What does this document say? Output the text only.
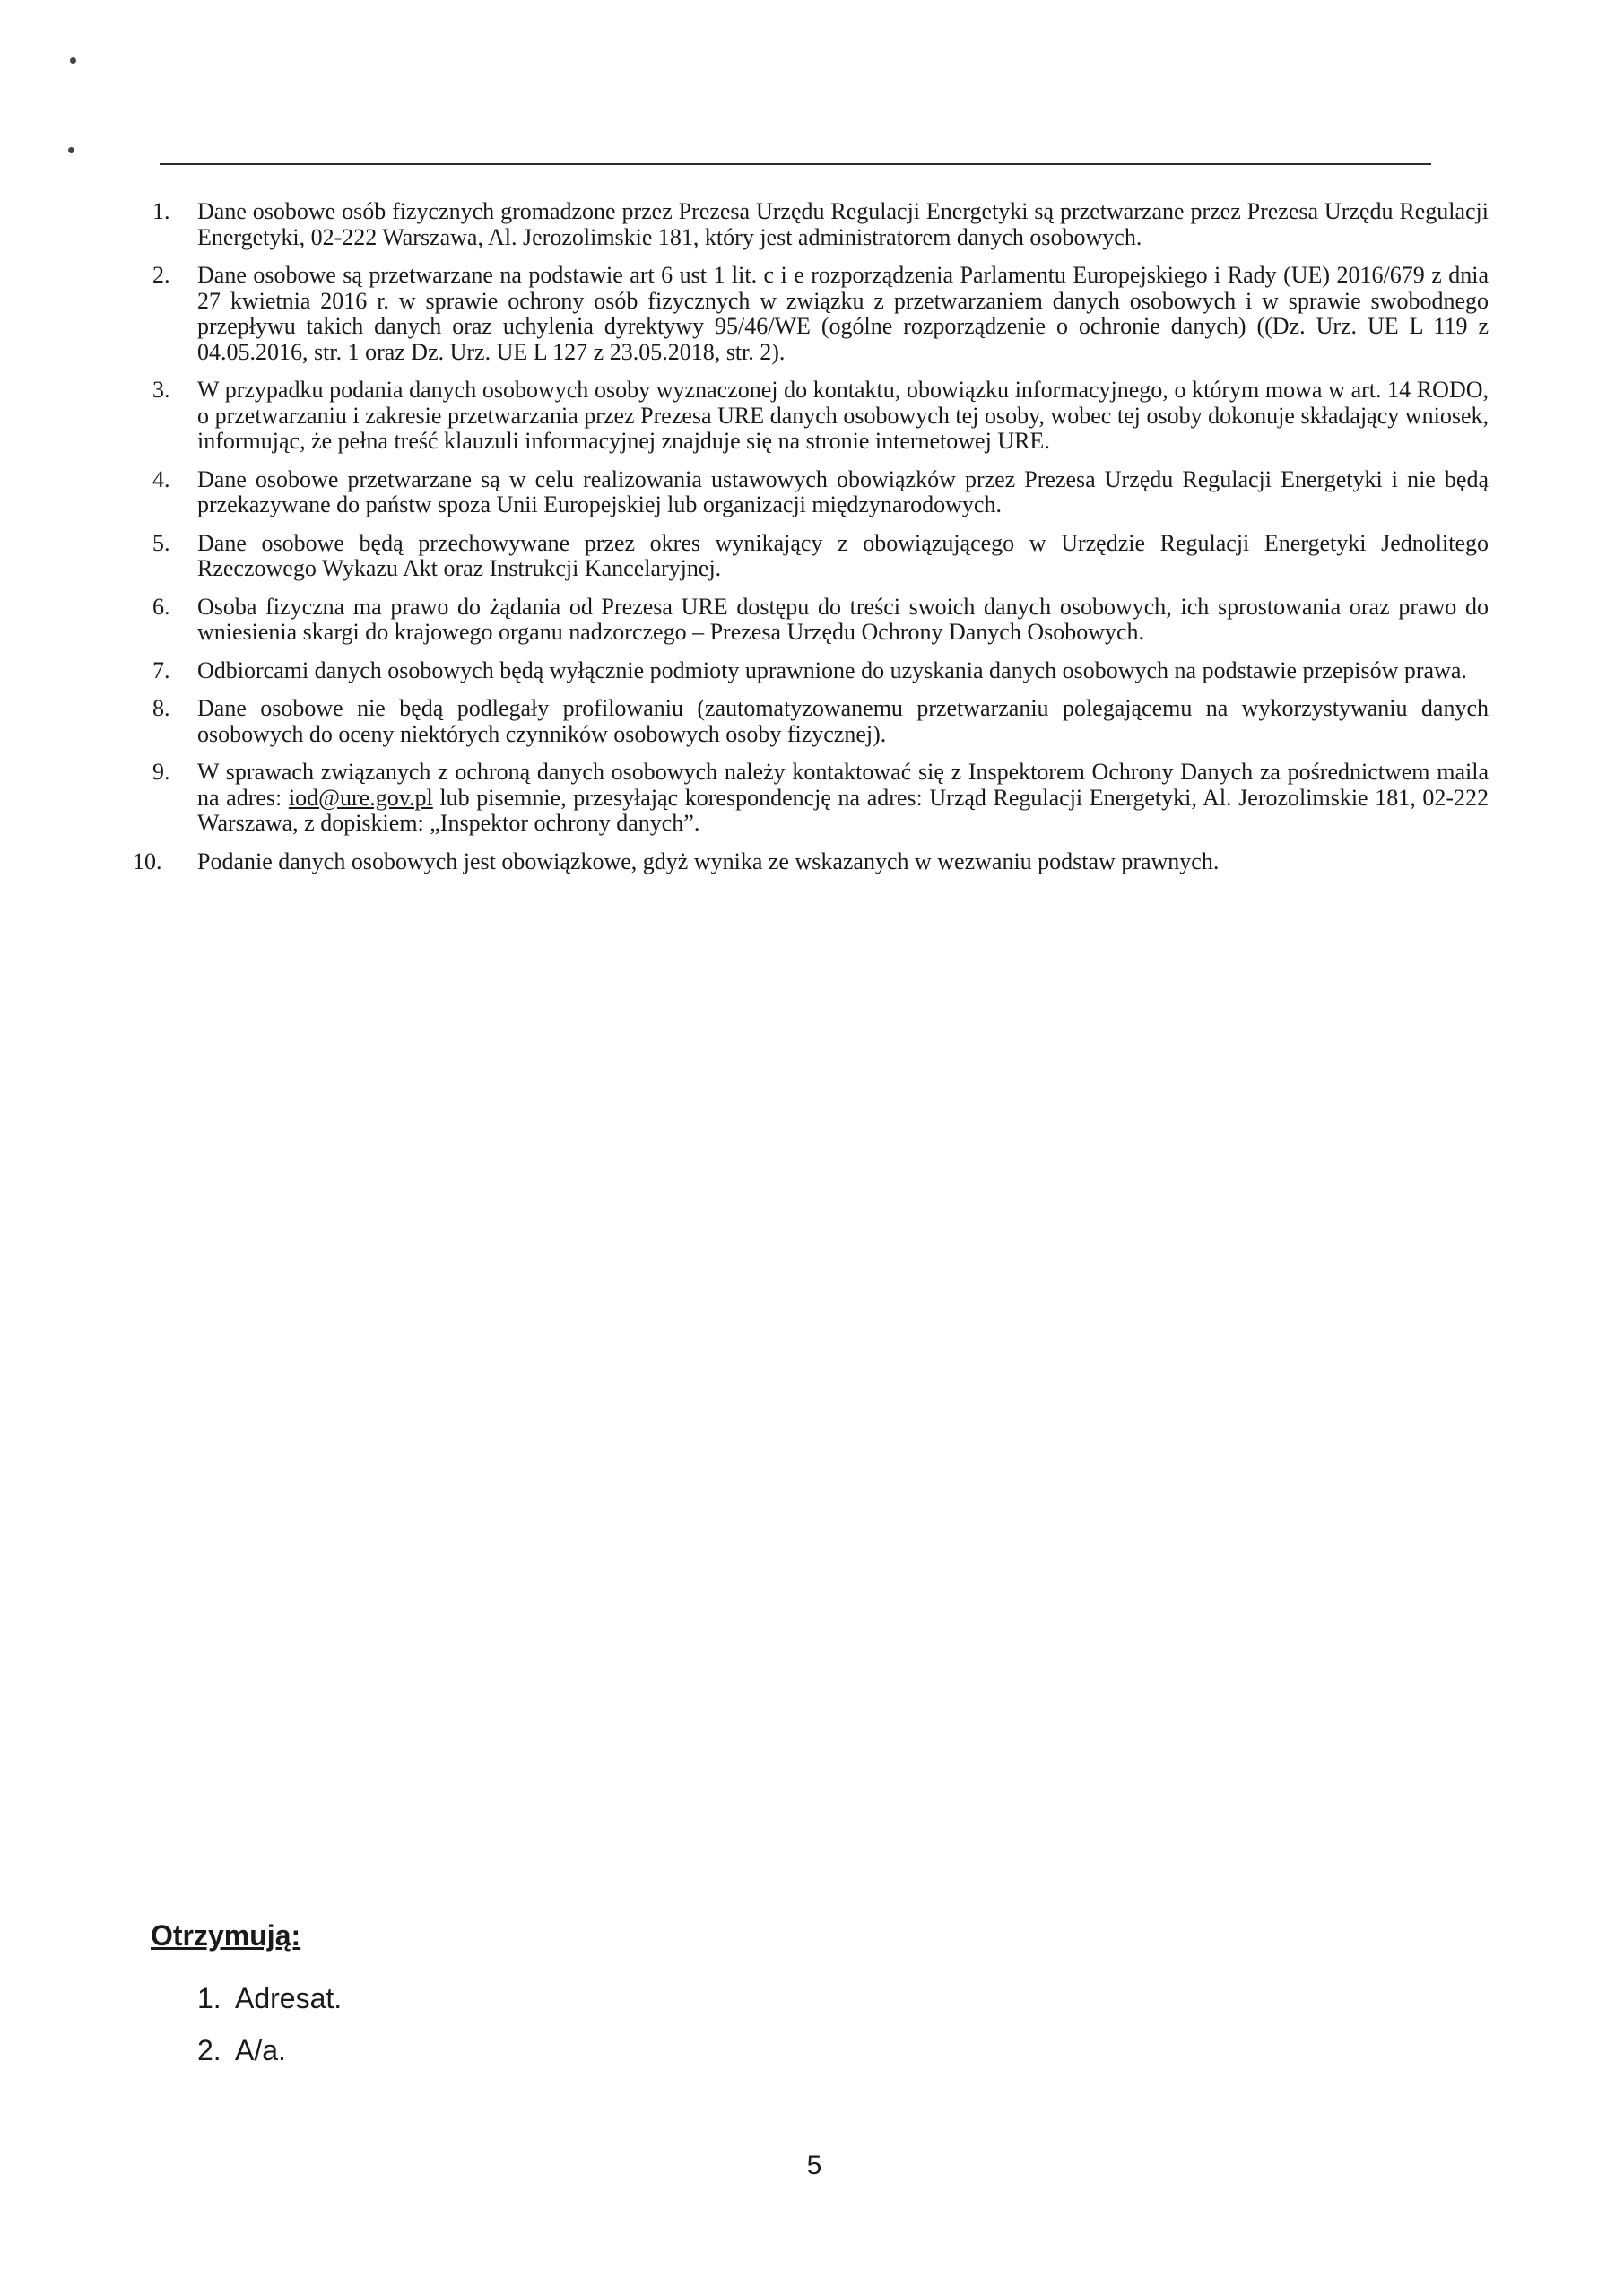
1. Dane osobowe osób fizycznych gromadzone przez Prezesa Urzędu Regulacji Energetyki są przetwarzane przez Prezesa Urzędu Regulacji Energetyki, 02-222 Warszawa, Al. Jerozolimskie 181, który jest administratorem danych osobowych.
2. Dane osobowe są przetwarzane na podstawie art 6 ust 1 lit. c i e rozporządzenia Parlamentu Europejskiego i Rady (UE) 2016/679 z dnia 27 kwietnia 2016 r. w sprawie ochrony osób fizycznych w związku z przetwarzaniem danych osobowych i w sprawie swobodnego przepływu takich danych oraz uchylenia dyrektywy 95/46/WE (ogólne rozporządzenie o ochronie danych) ((Dz. Urz. UE L 119 z 04.05.2016, str. 1 oraz Dz. Urz. UE L 127 z 23.05.2018, str. 2).
3. W przypadku podania danych osobowych osoby wyznaczonej do kontaktu, obowiązku informacyjnego, o którym mowa w art. 14 RODO, o przetwarzaniu i zakresie przetwarzania przez Prezesa URE danych osobowych tej osoby, wobec tej osoby dokonuje składający wniosek, informując, że pełna treść klauzuli informacyjnej znajduje się na stronie internetowej URE.
4. Dane osobowe przetwarzane są w celu realizowania ustawowych obowiązków przez Prezesa Urzędu Regulacji Energetyki i nie będą przekazywane do państw spoza Unii Europejskiej lub organizacji międzynarodowych.
5. Dane osobowe będą przechowywane przez okres wynikający z obowiązującego w Urzędzie Regulacji Energetyki Jednolitego Rzeczowego Wykazu Akt oraz Instrukcji Kancelaryjnej.
6. Osoba fizyczna ma prawo do żądania od Prezesa URE dostępu do treści swoich danych osobowych, ich sprostowania oraz prawo do wniesienia skargi do krajowego organu nadzorczego – Prezesa Urzędu Ochrony Danych Osobowych.
7. Odbiorcami danych osobowych będą wyłącznie podmioty uprawnione do uzyskania danych osobowych na podstawie przepisów prawa.
8. Dane osobowe nie będą podlegały profilowaniu (zautomatyzowanemu przetwarzaniu polegającemu na wykorzystywaniu danych osobowych do oceny niektórych czynników osobowych osoby fizycznej).
9. W sprawach związanych z ochroną danych osobowych należy kontaktować się z Inspektorem Ochrony Danych za pośrednictwem maila na adres: iod@ure.gov.pl lub pisemnie, przesyłając korespondencję na adres: Urząd Regulacji Energetyki, Al. Jerozolimskie 181, 02-222 Warszawa, z dopiskiem: „Inspektor ochrony danych”.
10. Podanie danych osobowych jest obowiązkowe, gdyż wynika ze wskazanych w wezwaniu podstaw prawnych.
Otrzymują:
1. Adresat.
2. A/a.
5
